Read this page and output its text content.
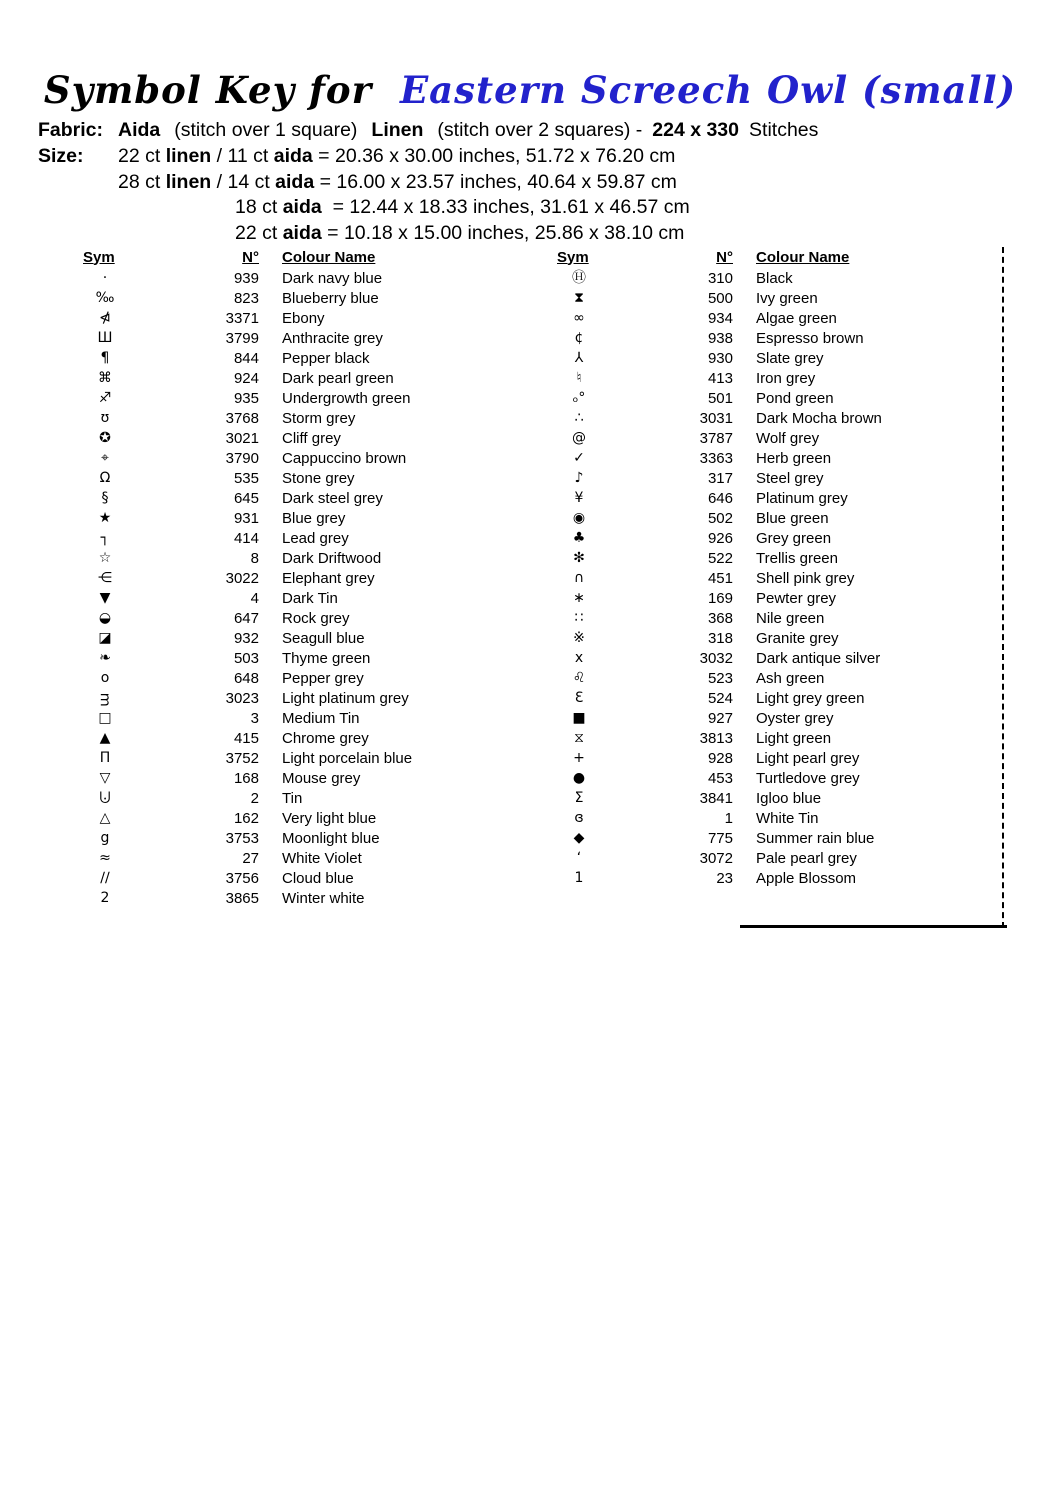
Symbol Key for Eastern Screech Owl (small)
Fabric: Aida (stitch over 1 square) Linen (stitch over 2 squares) - 224 x 330 Stitches
Size: 22 ct linen / 11 ct aida = 20.36 x 30.00 inches, 51.72 x 76.20 cm
28 ct linen / 14 ct aida = 16.00 x 23.57 inches, 40.64 x 59.87 cm
18 ct aida  = 12.44 x 18.33 inches, 31.61 x 46.57 cm
22 ct aida = 10.18 x 15.00 inches, 25.86 x 38.10 cm
Sym	N°	Colour Name
·	939	Dark navy blue
‰	823	Blueberry blue
⋪	3371	Ebony
Ш	3799	Anthracite grey
¶	844	Pepper black
⌘	924	Dark pearl green
♐	935	Undergrowth green
ʊ	3768	Storm grey
✪	3021	Cliff grey
⌖	3790	Cappuccino brown
Ω	535	Stone grey
§	645	Dark steel grey
★	931	Blue grey
┐	414	Lead grey
☆	8	Dark Driftwood
⋲	3022	Elephant grey
▼	4	Dark Tin
◒	647	Rock grey
◪	932	Seagull blue
❧	503	Thyme green
o	648	Pepper grey
ᴟ	3023	Light platinum grey
□	3	Medium Tin
▲	415	Chrome grey
Π	3752	Light porcelain blue
▽	168	Mouse grey
⨃	2	Tin
△	162	Very light blue
g	3753	Moonlight blue
≈	27	White Violet
∕∕	3756	Cloud blue
2	3865	Winter white
Sym	N°	Colour Name
Ⓗ	310	Black
⧗	500	Ivy green
∞	934	Algae green
¢	938	Espresso brown
⅄	930	Slate grey
♮	413	Iron grey
ₒ°	501	Pond green
∴	3031	Dark Mocha brown
@	3787	Wolf grey
✓	3363	Herb green
♪	317	Steel grey
¥	646	Platinum grey
◉	502	Blue green
♣	926	Grey green
✻	522	Trellis green
∩	451	Shell pink grey
∗	169	Pewter grey
∷	368	Nile green
※	318	Granite grey
x	3032	Dark antique silver
♌	523	Ash green
Ɛ	524	Light grey green
■	927	Oyster grey
⧖	3813	Light green
+	928	Light pearl grey
●	453	Turtledove grey
Σ	3841	Igloo blue
ɞ	1	White Tin
◆	775	Summer rain blue
ʻ	3072	Pale pearl grey
1	23	Apple Blossom
